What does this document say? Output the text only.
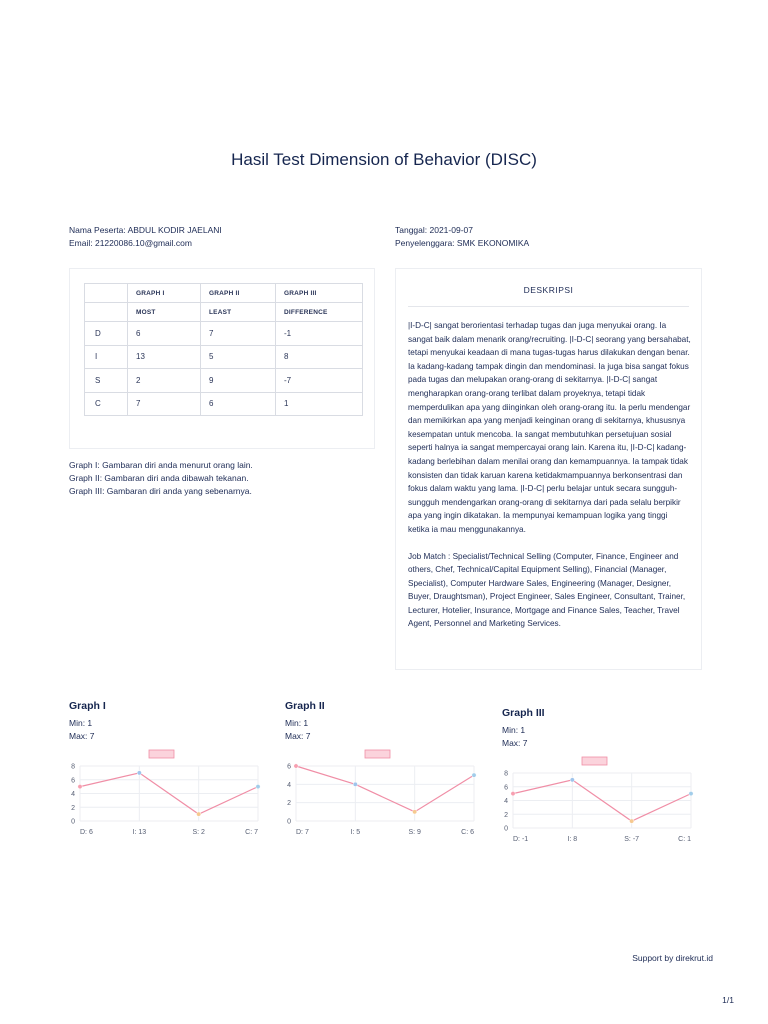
Hasil Test Dimension of Behavior (DISC)
Nama Peserta: ABDUL KODIR JAELANI
Email: 21220086.10@gmail.com
Tanggal: 2021-09-07
Penyelenggara: SMK EKONOMIKA
	GRAPH I	GRAPH II	GRAPH III
	MOST	LEAST	DIFFERENCE
D	6	7	-1
I	13	5	8
S	2	9	-7
C	7	6	1
Graph I: Gambaran diri anda menurut orang lain.
Graph II: Gambaran diri anda dibawah tekanan.
Graph III: Gambaran diri anda yang sebenarnya.
DESKRIPSI

|I-D-C| sangat berorientasi terhadap tugas dan juga menyukai orang. Ia sangat baik dalam menarik orang/recruiting. |I-D-C| seorang yang bersahabat, tetapi menyukai keadaan di mana tugas-tugas harus dilakukan dengan benar. Ia kadang-kadang tampak dingin dan mendominasi. Ia juga bisa sangat fokus pada tugas dan melupakan orang-orang di sekitarnya. |I-D-C| sangat mengharapkan orang-orang terlibat dalam proyeknya, tetapi tidak memperdulikan apa yang diinginkan oleh orang-orang itu. Ia perlu mendengar dan memikirkan apa yang menjadi keinginan orang di sekitarnya, khususnya kesempatan untuk mencoba. Ia sangat membutuhkan persetujuan sosial seperti halnya ia sangat mempercayai orang lain. Karena itu, |I-D-C| kadang-kadang berlebihan dalam menilai orang dan kemampuannya. Ia tampak tidak konsisten dan tidak karuan karena ketidakmampuannya berkonsentrasi dan fokus dalam waktu yang lama. |I-D-C| perlu belajar untuk secara sungguh-sungguh mendengarkan orang-orang di sekitarnya dari pada selalu berpikir apa yang ingin dikatakan. Ia mempunyai kemampuan logika yang tinggi ketika ia mau menggunakannya.

Job Match : Specialist/Technical Selling (Computer, Finance, Engineer and others, Chef, Technical/Capital Equipment Selling), Financial (Manager, Specialist), Computer Hardware Sales, Engineering (Manager, Designer, Buyer, Draughtsman), Project Engineer, Sales Engineer, Consultant, Trainer, Lecturer, Hotelier, Insurance, Mortgage and Finance Sales, Teacher, Travel Agent, Personnel and Marketing Services.

Graph I
Min: 1
Max: 7
0
2
4
6
8
D: 6	I: 13	S: 2	C: 7
Graph II
Min: 1
Max: 7
0
2
4
6
D: 7	I: 5	S: 9	C: 6
Graph III
Min: 1
Max: 7
0
2
4
6
8
D: -1	I: 8	S: -7	C: 1
Support by direkrut.id
1/1
